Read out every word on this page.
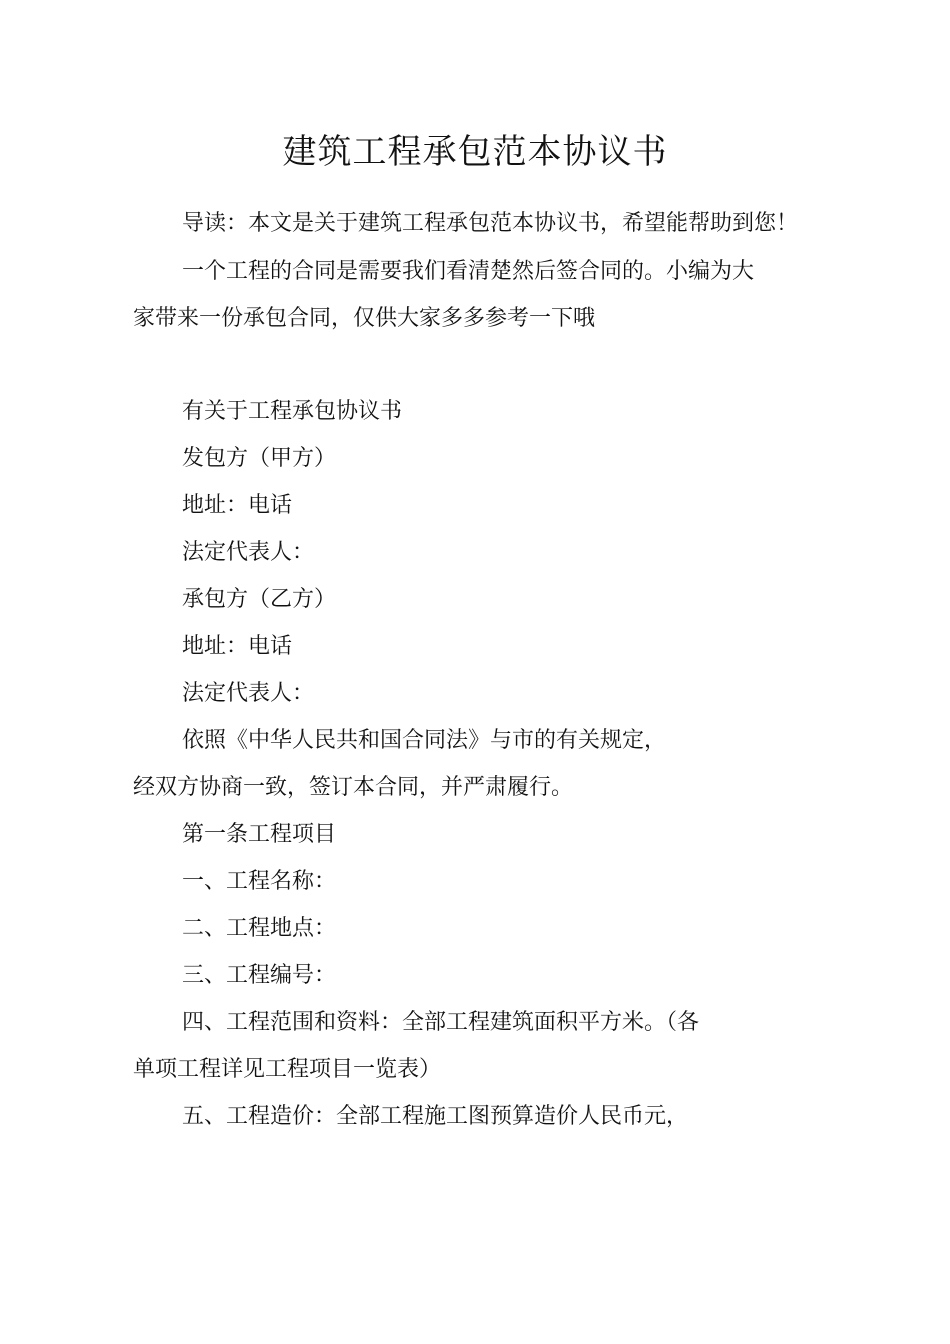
建筑工程承包范本协议书

导读：本文是关于建筑工程承包范本协议书，希望能帮助到您！

一个工程的合同是需要我们看清楚然后签合同的。小编为大

家带来一份承包合同，仅供大家多多参考一下哦

有关于工程承包协议书

发包方（甲方）

地址：电话

法定代表人：

承包方（乙方）

地址：电话

法定代表人：

依照《中华人民共和国合同法》与市的有关规定，

经双方协商一致，签订本合同，并严肃履行。

第一条工程项目

一、工程名称：

二、工程地点：

三、工程编号：

四、工程范围和资料：全部工程建筑面积平方米。（各

单项工程详见工程项目一览表）

五、工程造价：全部工程施工图预算造价人民币元，
